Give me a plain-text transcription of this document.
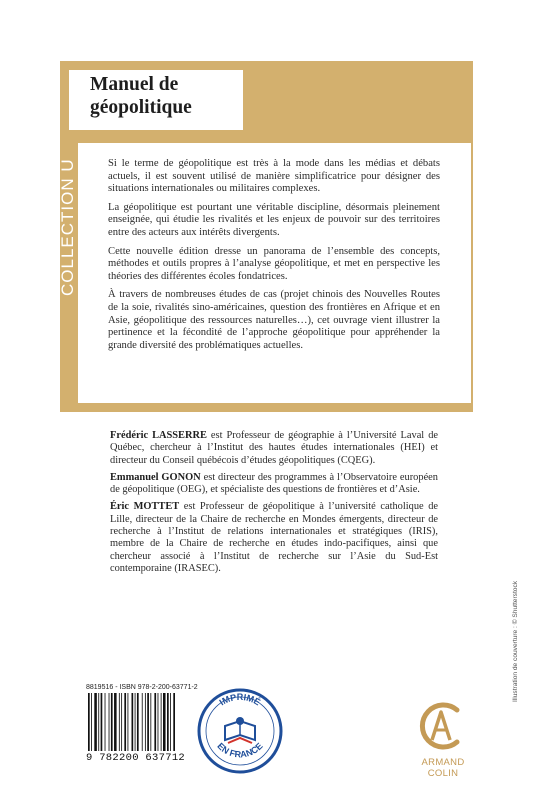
Manuel de
géopolitique
COLLECTION U	Si le terme de géopolitique est très à la mode dans les médias et débats actuels, il est souvent utilisé de manière simplificatrice pour désigner des situations internationales ou militaires complexes.

La géopolitique est pourtant une véritable discipline, désormais pleinement enseignée, qui étudie les rivalités et les enjeux de pouvoir sur des territoires entre des acteurs aux intérêts divergents.

Cette nouvelle édition dresse un panorama de l’ensemble des concepts, méthodes et outils propres à l’analyse géopolitique, et met en perspective les théories des différentes écoles fondatrices.

À travers de nombreuses études de cas (projet chinois des Nouvelles Routes de la soie, rivalités sino-américaines, question des frontières en Afrique et en Asie, géopolitique des ressources naturelles…), cet ouvrage vient illustrer la pertinence et la fécondité de l’approche géopolitique pour appréhender la grande diversité des problématiques actuelles.

Frédéric LASSERRE est Professeur de géographie à l’Université Laval de Québec, chercheur à l’Institut des hautes études internationales (HEI) et directeur du Conseil québécois d’études géopolitiques (CQEG).

Emmanuel GONON est directeur des programmes à l’Observatoire européen de géopolitique (OEG), et spécialiste des questions de frontières et d’Asie.

Éric MOTTET est Professeur de géopolitique à l’université catholique de Lille, directeur de la Chaire de recherche en Mondes émergents, directeur de recherche à l’Institut de relations internationales et stratégiques (IRIS), membre de la Chaire de recherche en études indo-pacifiques, ainsi que chercheur associé à l’Institut de recherche sur l’Asie du Sud-Est contemporaine (IRASEC).

Illustration de couverture : © Shutterstock
8819516 - ISBN 978-2-200-63771-2
9 782200 637712
IMPRIMÉ
EN FRANCE
ARMAND COLIN
